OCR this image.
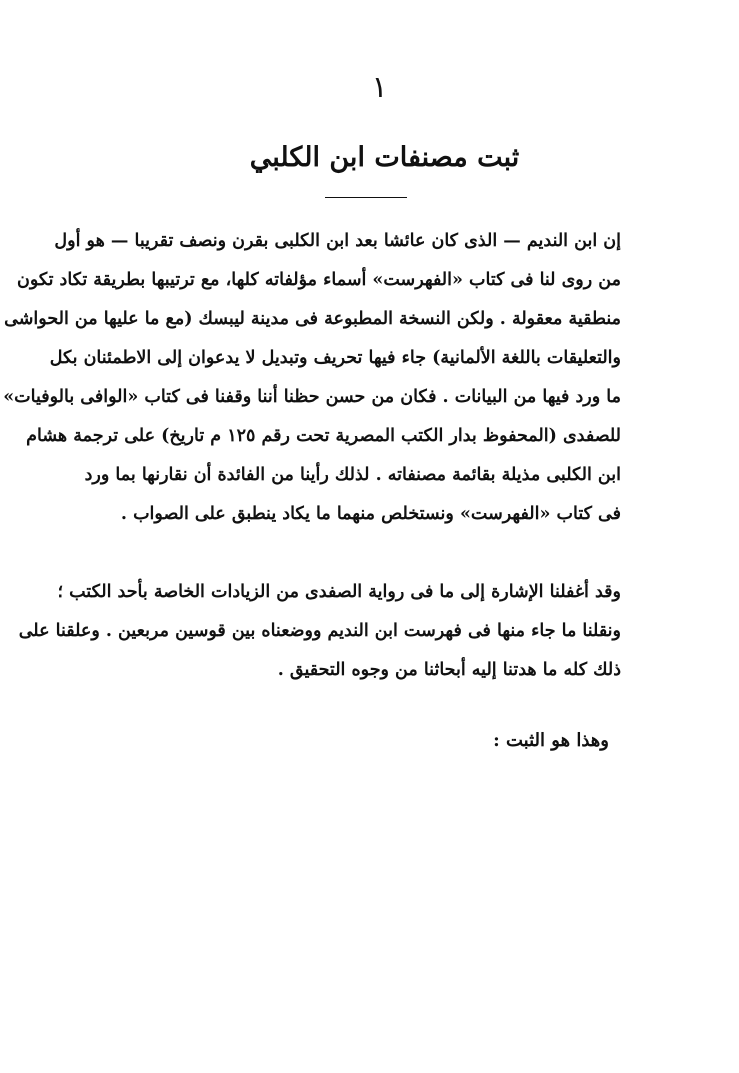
١
ثبت مصنفات ابن الكلبي
إن ابن النديم — الذى كان عائشا بعد ابن الكلبى بقرن ونصف تقريبا — هو أول
من روى لنا فى كتاب «الفهرست» أسماء مؤلفاته كلها، مع ترتيبها بطريقة تكاد تكون
منطقية معقولة . ولكن النسخة المطبوعة فى مدينة ليبسك (مع ما عليها من الحواشى
والتعليقات باللغة الألمانية) جاء فيها تحريف وتبديل لا يدعوان إلى الاطمئنان بكل
ما ورد فيها من البيانات . فكان من حسن حظنا أننا وقفنا فى كتاب «الوافى بالوفيات»
للصفدى (المحفوظ بدار الكتب المصرية تحت رقم ١٢٥ م تاريخ) على ترجمة هشام
ابن الكلبى مذيلة بقائمة مصنفاته . لذلك رأينا من الفائدة أن نقارنها بما ورد
فى كتاب «الفهرست» ونستخلص منهما ما يكاد ينطبق على الصواب .
وقد أغفلنا الإشارة إلى ما فى رواية الصفدى من الزيادات الخاصة بأحد الكتب ؛
ونقلنا ما جاء منها فى فهرست ابن النديم ووضعناه بين قوسين مربعين . وعلقنا على
ذلك كله ما هدتنا إليه أبحاثنا من وجوه التحقيق .
وهذا هو الثبت :
